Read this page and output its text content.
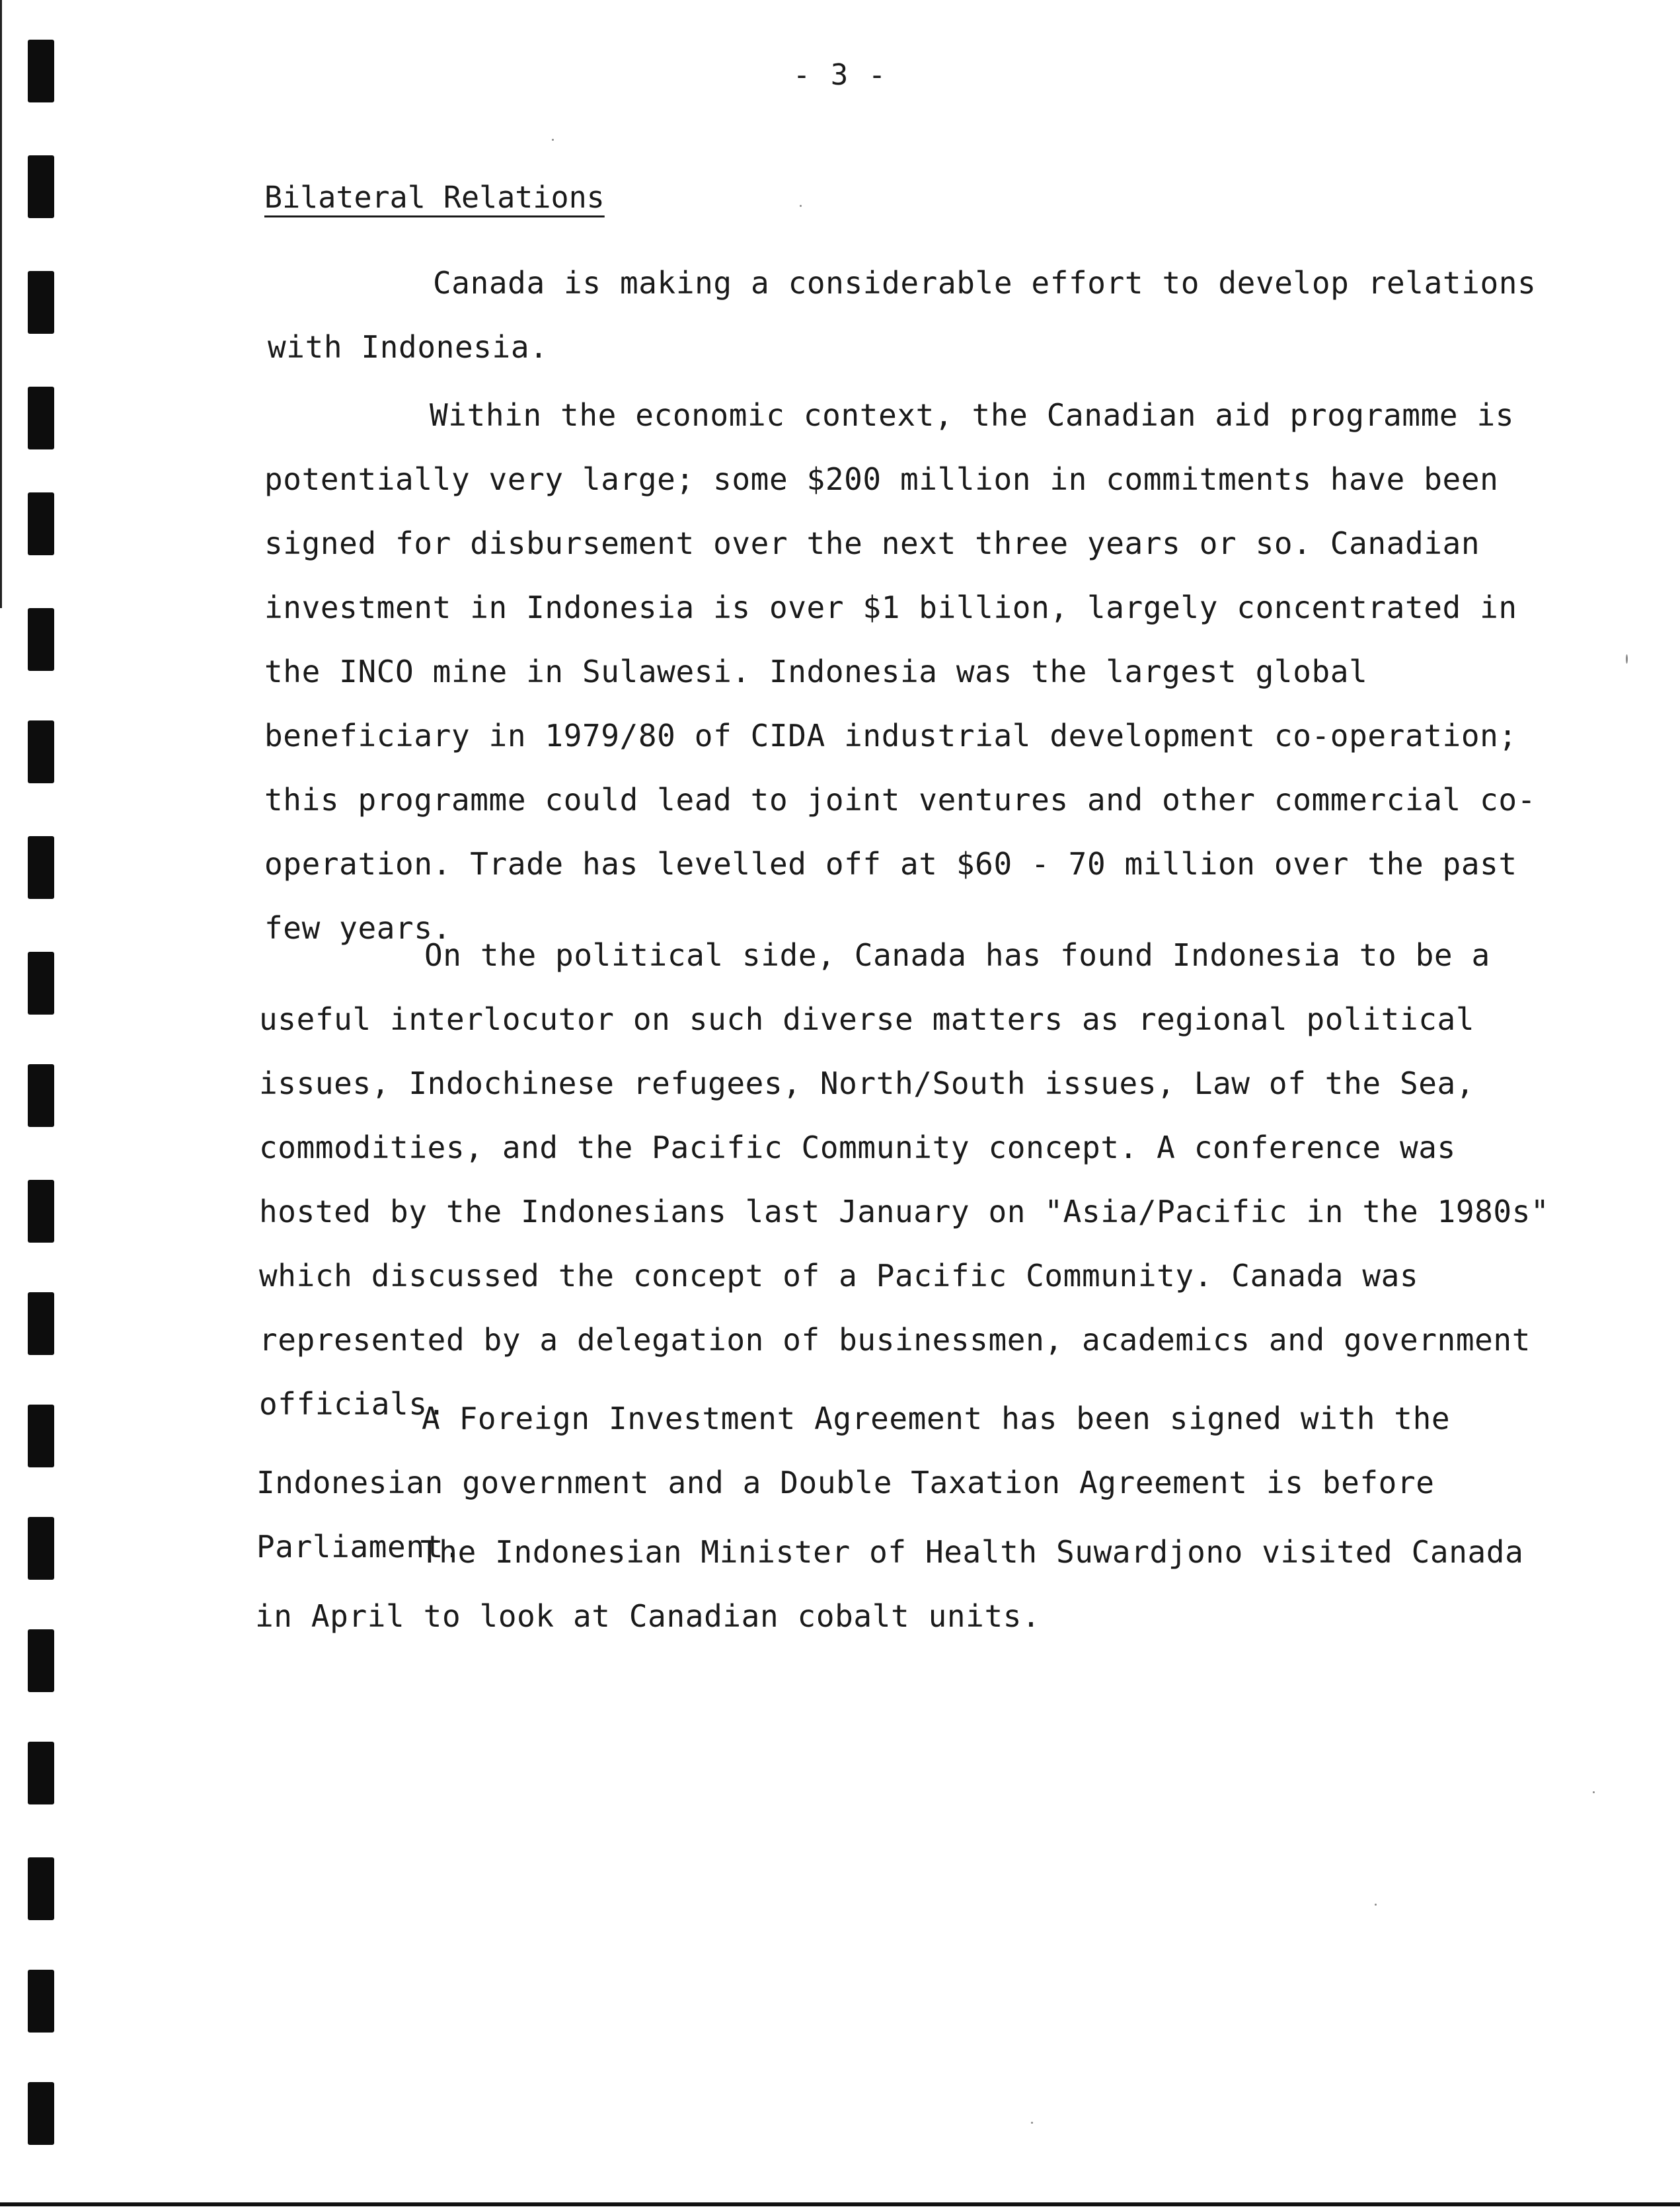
- 3 -
Bilateral Relations

Canada is making a considerable effort to develop relations with Indonesia.

Within the economic context, the Canadian aid programme is potentially very large; some $200 million in commitments have been signed for disbursement over the next three years or so. Canadian investment in Indonesia is over $1 billion, largely concentrated in the INCO mine in Sulawesi. Indonesia was the largest global beneficiary in 1979/80 of CIDA industrial development co-operation; this programme could lead to joint ventures and other commercial co-operation. Trade has levelled off at $60 - 70 million over the past few years.

On the political side, Canada has found Indonesia to be a useful interlocutor on such diverse matters as regional political issues, Indochinese refugees, North/South issues, Law of the Sea, commodities, and the Pacific Community concept. A conference was hosted by the Indonesians last January on "Asia/Pacific in the 1980s" which discussed the concept of a Pacific Community. Canada was represented by a delegation of businessmen, academics and government officials.

A Foreign Investment Agreement has been signed with the Indonesian government and a Double Taxation Agreement is before Parliament.

The Indonesian Minister of Health Suwardjono visited Canada in April to look at Canadian cobalt units.
